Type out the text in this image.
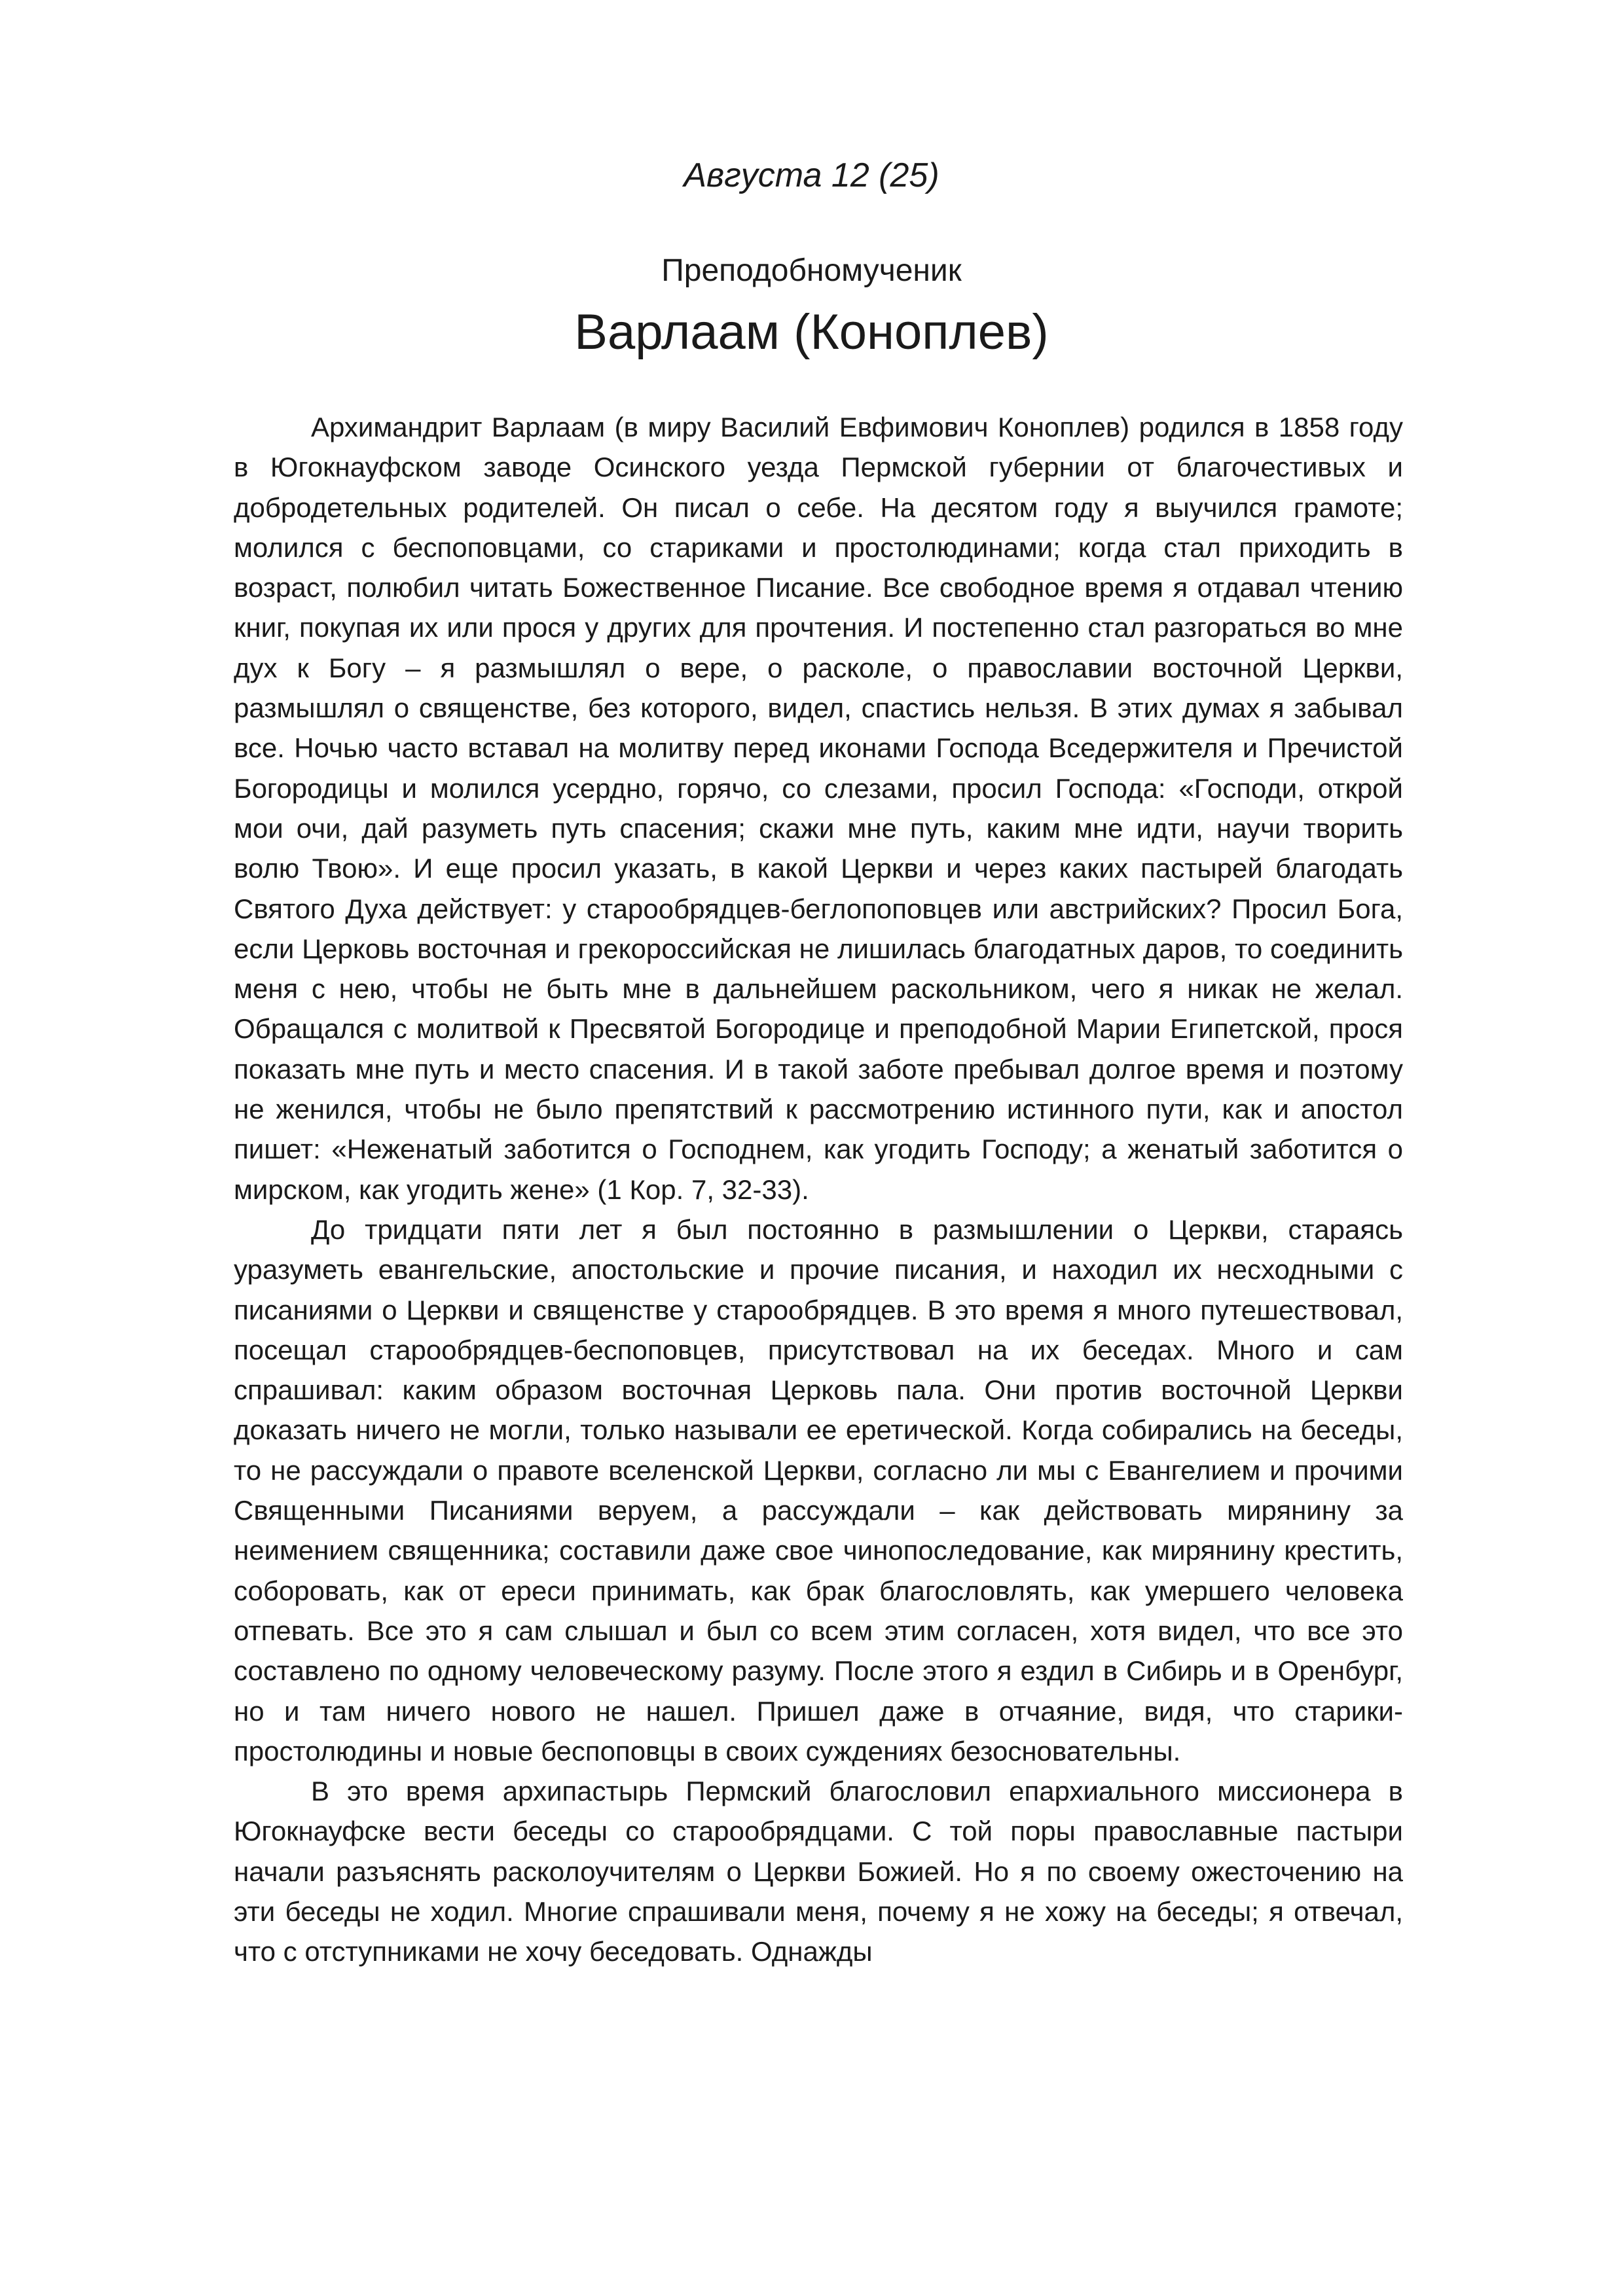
Августа 12 (25)
Преподобномученик
Варлаам (Коноплев)

Архимандрит Варлаам (в миру Василий Евфимович Коноплев) родился в 1858 году в Югокнауфском заводе Осинского уезда Пермской губернии от благочестивых и добродетельных родителей. Он писал о себе. На десятом году я выучился грамоте; молился с беспоповцами, со стариками и простолюдинами; когда стал приходить в возраст, полюбил читать Божественное Писание. Все свободное время я отдавал чтению книг, покупая их или прося у других для прочтения. И постепенно стал разгораться во мне дух к Богу – я размышлял о вере, о расколе, о православии восточной Церкви, размышлял о священстве, без которого, видел, спастись нельзя. В этих думах я забывал все. Ночью часто вставал на молитву перед иконами Господа Вседержителя и Пречистой Богородицы и молился усердно, горячо, со слезами, просил Господа: «Господи, открой мои очи, дай разуметь путь спасения; скажи мне путь, каким мне идти, научи творить волю Твою». И еще просил указать, в какой Церкви и через каких пастырей благодать Святого Духа действует: у старообрядцев-беглопоповцев или австрийских? Просил Бога, если Церковь восточная и грекороссийская не лишилась благодатных даров, то соединить меня с нею, чтобы не быть мне в дальнейшем раскольником, чего я никак не желал. Обращался с молитвой к Пресвятой Богородице и преподобной Марии Египетской, прося показать мне путь и место спасения. И в такой заботе пребывал долгое время и поэтому не женился, чтобы не было препятствий к рассмотрению истинного пути, как и апостол пишет: «Неженатый заботится о Господнем, как угодить Господу; а женатый заботится о мирском, как угодить жене» (1 Кор. 7, 32-33).

До тридцати пяти лет я был постоянно в размышлении о Церкви, стараясь уразуметь евангельские, апостольские и прочие писания, и находил их несходными с писаниями о Церкви и священстве у старообрядцев. В это время я много путешествовал, посещал старообрядцев-беспоповцев, присутствовал на их беседах. Много и сам спрашивал: каким образом восточная Церковь пала. Они против восточной Церкви доказать ничего не могли, только называли ее еретической. Когда собирались на беседы, то не рассуждали о правоте вселенской Церкви, согласно ли мы с Евангелием и прочими Священными Писаниями веруем, а рассуждали – как действовать мирянину за неимением священника; составили даже свое чинопоследование, как мирянину крестить, соборовать, как от ереси принимать, как брак благословлять, как умершего человека отпевать. Все это я сам слышал и был со всем этим согласен, хотя видел, что все это составлено по одному человеческому разуму. После этого я ездил в Сибирь и в Оренбург, но и там ничего нового не нашел. Пришел даже в отчаяние, видя, что старики-простолюдины и новые беспоповцы в своих суждениях безосновательны.

В это время архипастырь Пермский благословил епархиального миссионера в Югокнауфске вести беседы со старообрядцами. С той поры православные пастыри начали разъяснять расколоучителям о Церкви Божией. Но я по своему ожесточению на эти беседы не ходил. Многие спрашивали меня, почему я не хожу на беседы; я отвечал, что с отступниками не хочу беседовать. Однажды
